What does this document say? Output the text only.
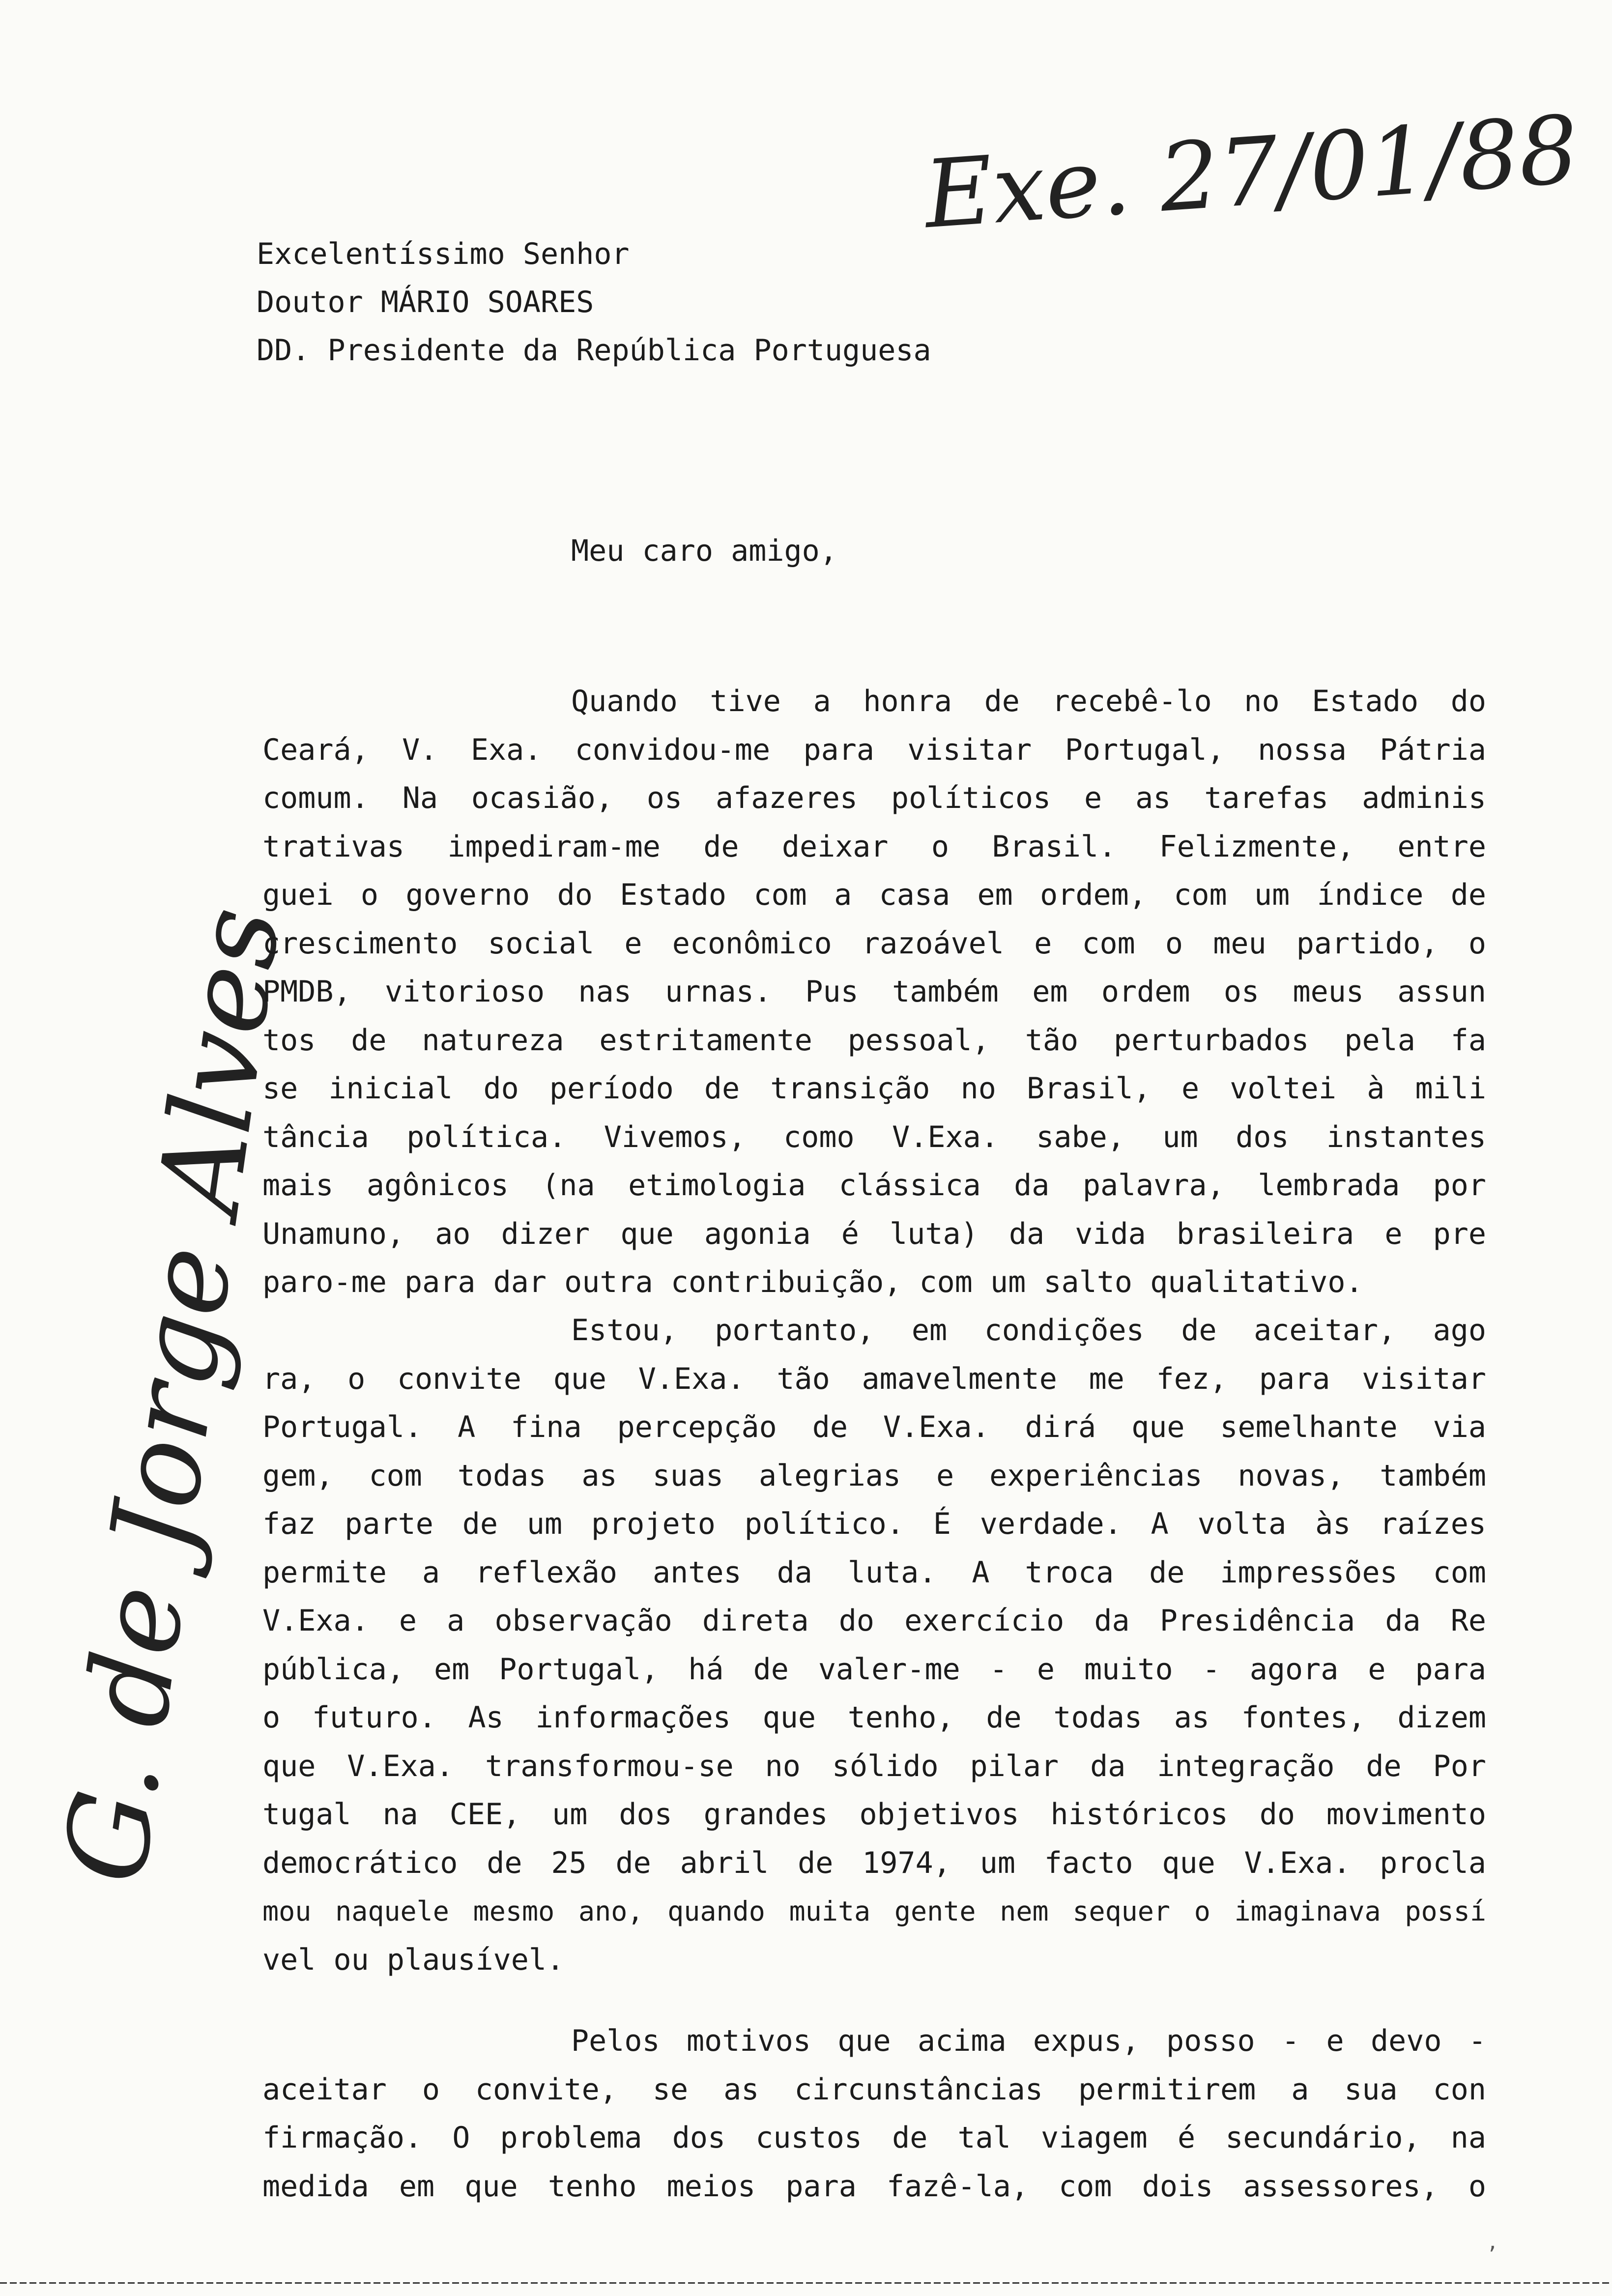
Exe. 27/01/88
G. de Jorge Alves
Excelentíssimo Senhor
Doutor MÁRIO SOARES
DD. Presidente da República Portuguesa
Meu caro amigo,
Quando tive a honra de recebê-lo no Estado do
Ceará, V. Exa. convidou-me para visitar Portugal, nossa Pátria
comum. Na ocasião, os afazeres políticos e as tarefas adminis
trativas impediram-me de deixar o Brasil. Felizmente, entre
guei o governo do Estado com a casa em ordem, com um índice de
crescimento social e econômico razoável e com o meu partido, o
PMDB, vitorioso nas urnas. Pus também em ordem os meus assun
tos de natureza estritamente pessoal, tão perturbados pela fa
se inicial do período de transição no Brasil, e voltei à mili
tância política. Vivemos, como V.Exa. sabe, um dos instantes
mais agônicos (na etimologia clássica da palavra, lembrada por
Unamuno, ao dizer que agonia é luta) da vida brasileira e pre
paro-me para dar outra contribuição, com um salto qualitativo.
Estou, portanto, em condições de aceitar, ago
ra, o convite que V.Exa. tão amavelmente me fez, para visitar
Portugal. A fina percepção de V.Exa. dirá que semelhante via
gem, com todas as suas alegrias e experiências novas, também
faz parte de um projeto político. É verdade. A volta às raízes
permite a reflexão antes da luta. A troca de impressões com
V.Exa. e a observação direta do exercício da Presidência da Re
pública, em Portugal, há de valer-me - e muito - agora e para
o futuro. As informações que tenho, de todas as fontes, dizem
que V.Exa. transformou-se no sólido pilar da integração de Por
tugal na CEE, um dos grandes objetivos históricos do movimento
democrático de 25 de abril de 1974, um facto que V.Exa. procla
mou naquele mesmo ano, quando muita gente nem sequer o imaginava possí
vel ou plausível.
Pelos motivos que acima expus, posso - e devo -
aceitar o convite, se as circunstâncias permitirem a sua con
firmação. O problema dos custos de tal viagem é secundário, na
medida em que tenho meios para fazê-la, com dois assessores, o
,
